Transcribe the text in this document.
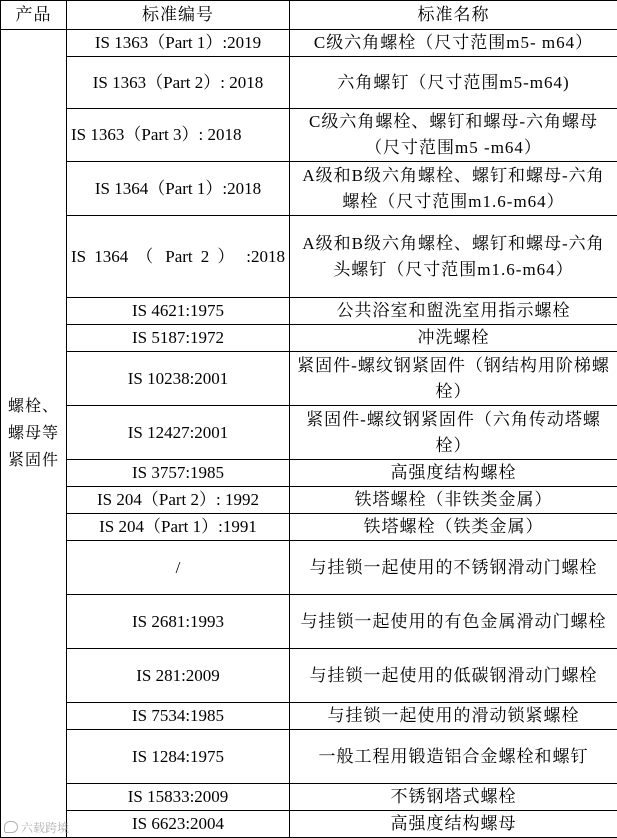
产品	标准编号	标准名称
螺栓、螺母等紧固件	IS 1363（Part 1）:2019	C级六角螺栓（尺寸范围m5- m64）
	IS 1363（Part 2）: 2018	六角螺钉（尺寸范围m5-m64)
	IS 1363（Part 3）: 2018	C级六角螺栓、螺钉和螺母-六角螺母（尺寸范围m5 -m64）
	IS 1364（Part 1）:2018	A级和B级六角螺栓、螺钉和螺母-六角螺栓（尺寸范围m1.6-m64）
	IS 1364 （ Part 2 ） :2018	A级和B级六角螺栓、螺钉和螺母-六角头螺钉（尺寸范围m1.6-m64）
	IS 4621:1975	公共浴室和盥洗室用指示螺栓
	IS 5187:1972	冲洗螺栓
	IS 10238:2001	紧固件-螺纹钢紧固件（钢结构用阶梯螺栓）
	IS 12427:2001	紧固件-螺纹钢紧固件（六角传动塔螺栓）
	IS 3757:1985	高强度结构螺栓
	IS 204（Part 2）: 1992	铁塔螺栓（非铁类金属）
	IS 204（Part 1）:1991	铁塔螺栓（铁类金属）
	/	与挂锁一起使用的不锈钢滑动门螺栓
	IS 2681:1993	与挂锁一起使用的有色金属滑动门螺栓
	IS 281:2009	与挂锁一起使用的低碳钢滑动门螺栓
	IS 7534:1985	与挂锁一起使用的滑动锁紧螺栓
	IS 1284:1975	一般工程用锻造铝合金螺栓和螺钉
	IS 15833:2009	不锈钢塔式螺栓
	IS 6623:2004	高强度结构螺母
六载跨境
